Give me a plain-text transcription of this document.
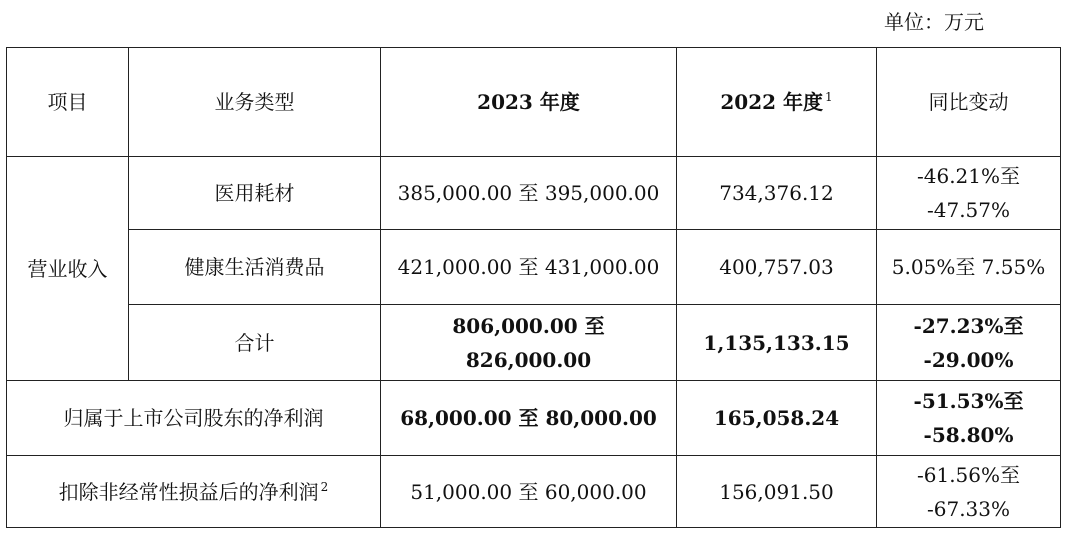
单位：万元
项目	业务类型	2023 年度	2022 年度 $^1$	同比变动
营业收入	医用耗材	385,000.00 至 395,000.00	734,376.12	-46.21%至
-47.57%

	健康生活消费品	421,000.00 至 431,000.00	400,757.03	5.05%至 7.55%
	合计	806,000.00 至 826,000.00	1,135,133.15	-27.23%至
-29.00%

归属于上市公司股东的净利润		68,000.00 至 80,000.00	165,058.24	-51.53%至
-58.80%

扣除非经常性损益后的净利润 $^2$		51,000.00 至 60,000.00	156,091.50	-61.56%至
-67.33%
